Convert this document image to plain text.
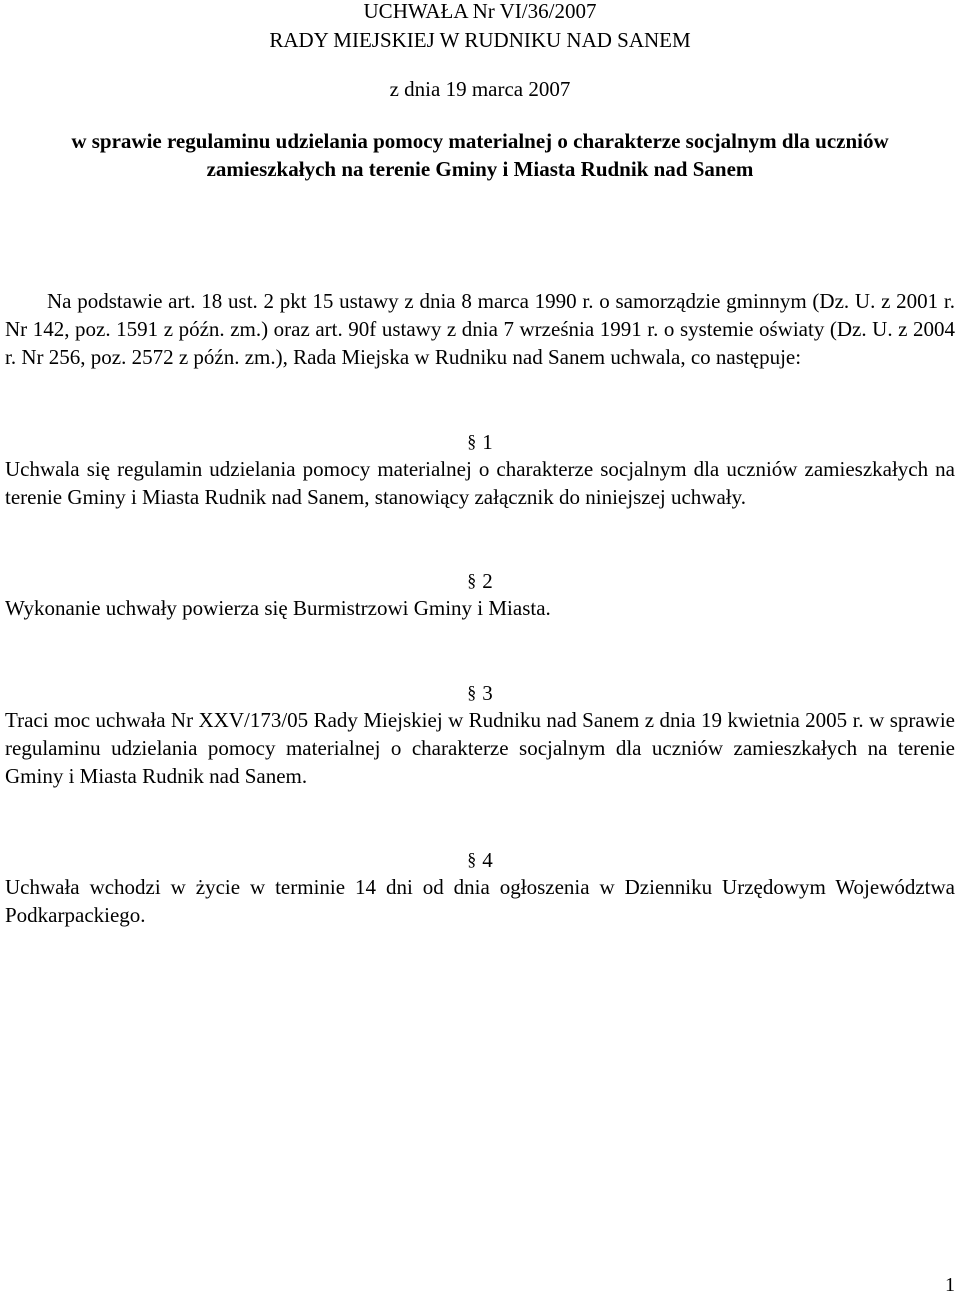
UCHWAŁA Nr VI/36/2007
RADY MIEJSKIEJ W RUDNIKU NAD SANEM
z dnia 19 marca 2007
w sprawie regulaminu udzielania pomocy materialnej o charakterze socjalnym dla uczniów
zamieszkałych na terenie Gminy i Miasta Rudnik nad Sanem
Na podstawie art. 18 ust. 2 pkt 15 ustawy z dnia 8 marca 1990 r. o samorządzie gminnym (Dz. U. z 2001 r. Nr 142, poz. 1591 z późn. zm.) oraz art. 90f ustawy z dnia 7 września 1991 r. o systemie oświaty (Dz. U. z 2004 r. Nr 256, poz. 2572 z późn. zm.), Rada Miejska w Rudniku nad Sanem uchwala, co następuje:
§ 1
Uchwala się regulamin udzielania pomocy materialnej o charakterze socjalnym dla uczniów zamieszkałych na terenie Gminy i Miasta Rudnik nad Sanem, stanowiący załącznik do niniejszej uchwały.
§ 2
Wykonanie uchwały powierza się Burmistrzowi Gminy i Miasta.
§ 3
Traci moc uchwała Nr XXV/173/05 Rady Miejskiej w Rudniku nad Sanem z dnia 19 kwietnia 2005 r. w sprawie regulaminu udzielania pomocy materialnej o charakterze socjalnym dla uczniów zamieszkałych na terenie Gminy i Miasta Rudnik nad Sanem.
§ 4
Uchwała wchodzi w życie w terminie 14 dni od dnia ogłoszenia w Dzienniku Urzędowym Województwa Podkarpackiego.
1
